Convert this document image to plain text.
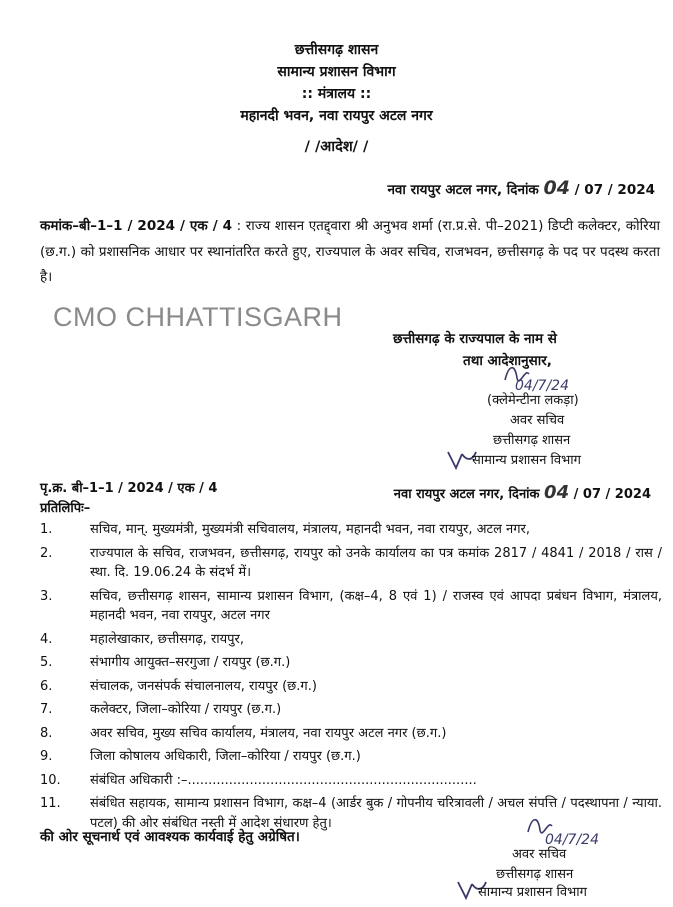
छत्तीसगढ़ शासन
सामान्य प्रशासन विभाग
:: मंत्रालय ::
महानदी भवन, नवा रायपुर अटल नगर
/ /आदेश/ /
नवा रायपुर अटल नगर, दिनांक 04 / 07 / 2024
कमांक–बी–1–1 / 2024 / एक / 4 : राज्य शासन एतद्द्वारा श्री अनुभव शर्मा (रा.प्र.से. पी–2021) डिप्टी कलेक्टर, कोरिया (छ.ग.) को प्रशासनिक आधार पर स्थानांतरित करते हुए, राज्यपाल के अवर सचिव, राजभवन, छत्तीसगढ़ के पद पर पदस्थ करता है।
CMO CHHATTISGARH
छत्तीसगढ़ के राज्यपाल के नाम से
तथा आदेशानुसार,
04/7/24
(क्लेमेन्टीना लकड़ा)
अवर सचिव
छत्तीसगढ़ शासन
सामान्य प्रशासन विभाग
पृ.क्र. बी–1–1 / 2024 / एक / 4	नवा रायपुर अटल नगर, दिनांक 04 / 07 / 2024
प्रतिलिपिः–
1.	सचिव, मान्. मुख्यमंत्री, मुख्यमंत्री सचिवालय, मंत्रालय, महानदी भवन, नवा रायपुर, अटल नगर,
2.	राज्यपाल के सचिव, राजभवन, छत्तीसगढ़, रायपुर को उनके कार्यालय का पत्र कमांक 2817 / 4841 / 2018 / रास / स्था. दि. 19.06.24 के संदर्भ में।
3.	सचिव, छत्तीसगढ़ शासन, सामान्य प्रशासन विभाग, (कक्ष–4, 8 एवं 1) / राजस्व एवं आपदा प्रबंधन विभाग, मंत्रालय, महानदी भवन, नवा रायपुर, अटल नगर
4.	महालेखाकार, छत्तीसगढ़, रायपुर,
5.	संभागीय आयुक्त–सरगुजा / रायपुर (छ.ग.)
6.	संचालक, जनसंपर्क संचालनालय, रायपुर (छ.ग.)
7.	कलेक्टर, जिला–कोरिया / रायपुर (छ.ग.)
8.	अवर सचिव, मुख्य सचिव कार्यालय, मंत्रालय, नवा रायपुर अटल नगर (छ.ग.)
9.	जिला कोषालय अधिकारी, जिला–कोरिया / रायपुर (छ.ग.)
10.	संबंधित अधिकारी :–......................................................................
11.	संबंधित सहायक, सामान्य प्रशासन विभाग, कक्ष–4 (आर्डर बुक / गोपनीय चरित्रावली / अचल संपत्ति / पदस्थापना / न्याया. पटल) की ओर संबंधित नस्ती में आदेश संधारण हेतु।
की ओर सूचनार्थ एवं आवश्यक कार्यवाई हेतु अग्रेषित।	04/7/24
अवर सचिव
छत्तीसगढ़ शासन
सामान्य प्रशासन विभाग
